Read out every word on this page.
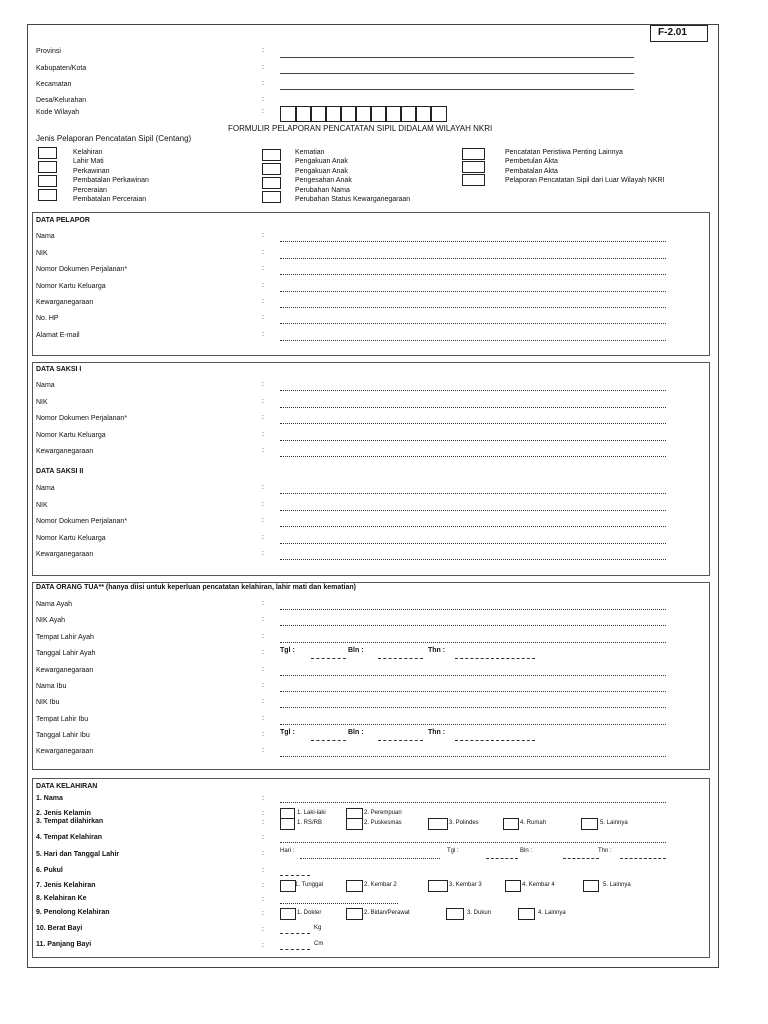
F-2.01
Provinsi	:
Kabupaten/Kota	:
Kecamatan	:
Desa/Kelurahan	:
Kode Wilayah	:
FORMULIR PELAPORAN PENCATATAN SIPIL DIDALAM WILAYAH NKRI
Jenis Pelaporan Pencatatan Sipil (Centang)
Kelahiran
Lahir Mati
Perkawinan
Pembatalan Perkawinan
Perceraian
Pembatalan Perceraian
Kematian
Pengakuan Anak
Pengakuan Anak
Pengesahan Anak
Perubahan Nama
Perubahan Status Kewarganegaraan
Pencatatan Peristiwa Penting Lainnya
Pembetulan Akta
Pembatalan Akta
Pelaporan Pencatatan Sipil dari Luar Wilayah NKRI
DATA PELAPOR
Nama	:
NIK	:
Nomor Dokumen Perjalanan*	:
Nomor Kartu Keluarga	:
Kewarganegaraan	:
No. HP	:
Alamat E-mail	:
DATA SAKSI I
Nama	:
NIK	:
Nomor Dokumen Perjalanan*	:
Nomor Kartu Keluarga	:
Kewarganegaraan	:
DATA SAKSI II
Nama	:
NIK	:
Nomor Dokumen Perjalanan*	:
Nomor Kartu Keluarga	:
Kewarganegaraan	:
DATA ORANG TUA** (hanya diisi untuk keperluan pencatatan kelahiran, lahir mati dan kematian)
Nama Ayah	:
NIK Ayah	:
Tempat Lahir Ayah	:
Tanggal Lahir Ayah	: Tgl :	Bln :	Thn :
Kewarganegaraan	:
Nama Ibu	:
NIK Ibu	:
Tempat Lahir Ibu	:
Tanggal Lahir Ibu	: Tgl :	Bln :	Thn :
Kewarganegaraan	:
DATA KELAHIRAN
1. Nama	:
2. Jenis Kelamin	:	1. Laki-laki	2. Perempuan
3. Tempat dilahirkan	:	1. RS/RB	2. Puskesmas	3. Polindes	4. Rumah	5. Lainnya
4. Tempat Kelahiran	:
5. Hari dan Tanggal Lahir	:	Hari :	Tgl :	Bln :	Thn :
6. Pukul	:
7. Jenis Kelahiran	:	1. Tunggal	2. Kembar 2	3. Kembar 3	4. Kembar 4	5. Lainnya
8. Kelahiran Ke	:
9. Penolong Kelahiran	:	1. Dokter	2. Bidan/Perawat	3. Dukun	4. Lainnya
10. Berat Bayi	:	Kg
11. Panjang Bayi	:	Cm
